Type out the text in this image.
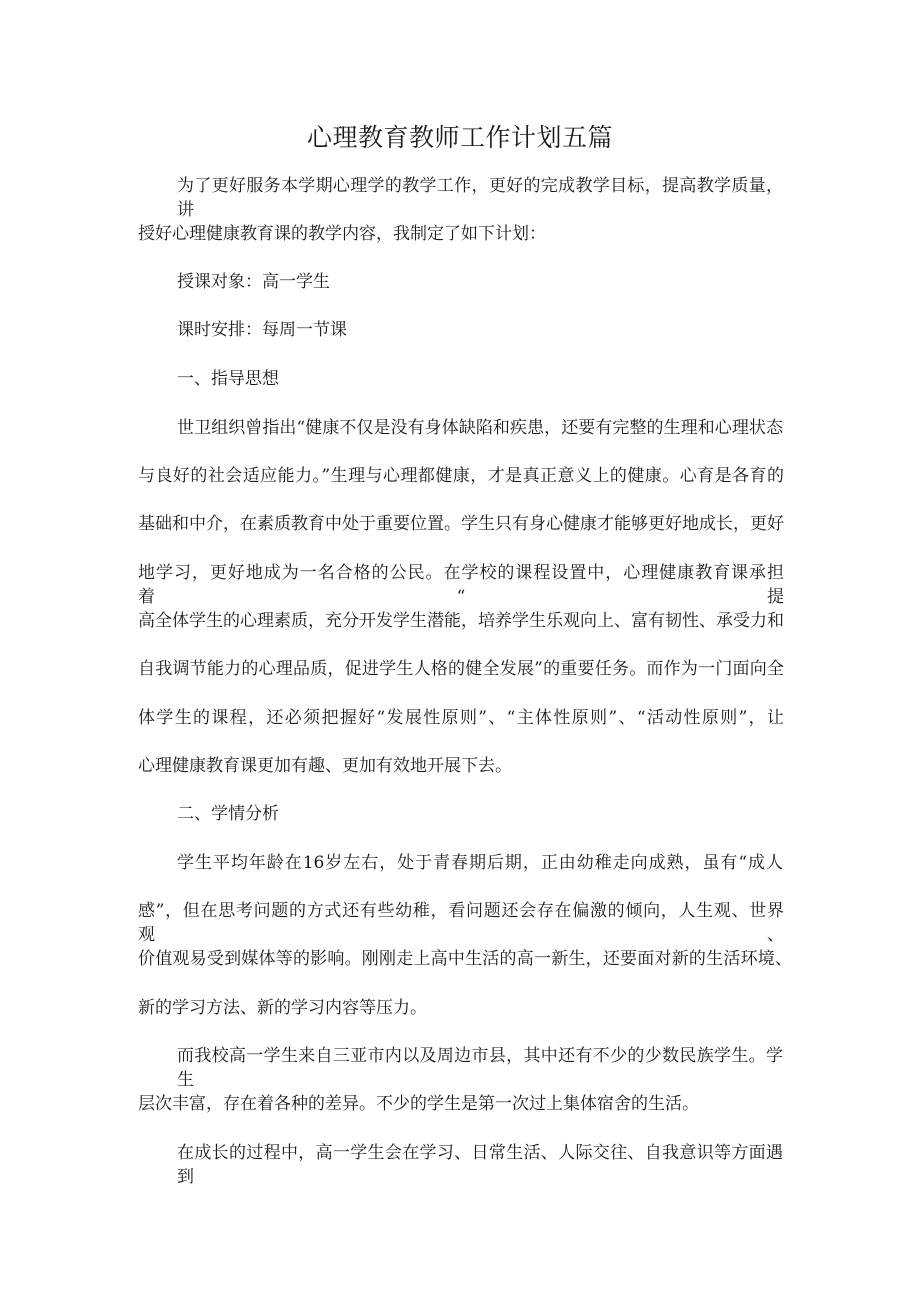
心理教育教师工作计划五篇
为了更好服务本学期心理学的教学工作，更好的完成教学目标，提高教学质量，讲
授好心理健康教育课的教学内容，我制定了如下计划：
授课对象：高一学生
课时安排：每周一节课
一、指导思想
世卫组织曾指出“健康不仅是没有身体缺陷和疾患，还要有完整的生理和心理状态
与良好的社会适应能力。”生理与心理都健康，才是真正意义上的健康。心育是各育的
基础和中介，在素质教育中处于重要位置。学生只有身心健康才能够更好地成长，更好
地学习，更好地成为一名合格的公民。在学校的课程设置中，心理健康教育课承担着“提
高全体学生的心理素质，充分开发学生潜能，培养学生乐观向上、富有韧性、承受力和
自我调节能力的心理品质，促进学生人格的健全发展”的重要任务。而作为一门面向全
体学生的课程，还必须把握好“发展性原则”、“主体性原则”、“活动性原则”，让
心理健康教育课更加有趣、更加有效地开展下去。
二、学情分析
学生平均年龄在16岁左右，处于青春期后期，正由幼稚走向成熟，虽有“成人
感”，但在思考问题的方式还有些幼稚，看问题还会存在偏激的倾向，人生观、世界观、
价值观易受到媒体等的影响。刚刚走上高中生活的高一新生，还要面对新的生活环境、
新的学习方法、新的学习内容等压力。
而我校高一学生来自三亚市内以及周边市县，其中还有不少的少数民族学生。学生
层次丰富，存在着各种的差异。不少的学生是第一次过上集体宿舍的生活。
在成长的过程中，高一学生会在学习、日常生活、人际交往、自我意识等方面遇到
